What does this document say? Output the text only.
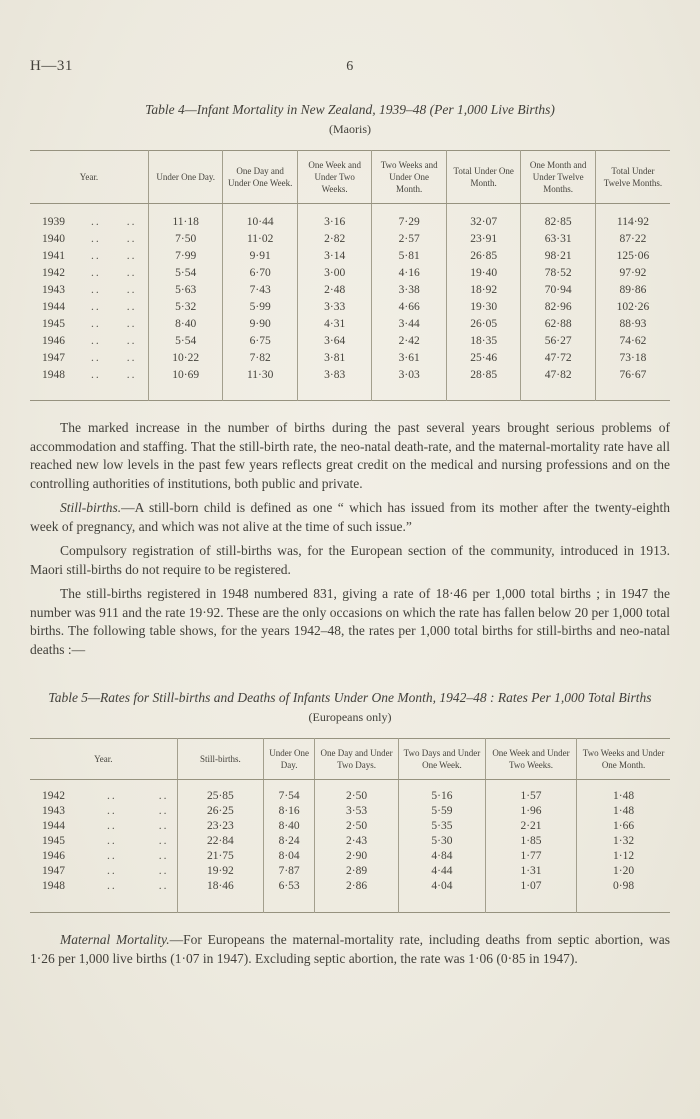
H—31	6
Table 4—Infant Mortality in New Zealand, 1939–48 (Per 1,000 Live Births)
(Maoris)
Year.	Under One Day.	One Day and Under One Week.	One Week and Under Two Weeks.	Two Weeks and Under One Month.	Total Under One Month.	One Month and Under Twelve Months.	Total Under Twelve Months.
1939 .. ..	11·18	10·44	3·16	7·29	32·07	82·85	114·92
1940 .. ..	7·50	11·02	2·82	2·57	23·91	63·31	87·22
1941 .. ..	7·99	9·91	3·14	5·81	26·85	98·21	125·06
1942 .. ..	5·54	6·70	3·00	4·16	19·40	78·52	97·92
1943 .. ..	5·63	7·43	2·48	3·38	18·92	70·94	89·86
1944 .. ..	5·32	5·99	3·33	4·66	19·30	82·96	102·26
1945 .. ..	8·40	9·90	4·31	3·44	26·05	62·88	88·93
1946 .. ..	5·54	6·75	3·64	2·42	18·35	56·27	74·62
1947 .. ..	10·22	7·82	3·81	3·61	25·46	47·72	73·18
1948 .. ..	10·69	11·30	3·83	3·03	28·85	47·82	76·67

The marked increase in the number of births during the past several years brought serious problems of accommodation and staffing. That the still-birth rate, the neo-natal death-rate, and the maternal-mortality rate have all reached new low levels in the past few years reflects great credit on the medical and nursing professions and on the controlling authorities of institutions, both public and private.

Still-births.—A still-born child is defined as one “ which has issued from its mother after the twenty-eighth week of pregnancy, and which was not alive at the time of such issue.”

Compulsory registration of still-births was, for the European section of the community, introduced in 1913. Maori still-births do not require to be registered.

The still-births registered in 1948 numbered 831, giving a rate of 18·46 per 1,000 total births ; in 1947 the number was 911 and the rate 19·92. These are the only occasions on which the rate has fallen below 20 per 1,000 total births. The following table shows, for the years 1942–48, the rates per 1,000 total births for still-births and neo-natal deaths :—

Table 5—Rates for Still-births and Deaths of Infants Under One Month, 1942–48 : Rates Per 1,000 Total Births
(Europeans only)
Year.	Still-births.	Under One Day.	One Day and Under Two Days.	Two Days and Under One Week.	One Week and Under Two Weeks.	Two Weeks and Under One Month.
1942 .. ..	25·85	7·54	2·50	5·16	1·57	1·48
1943 .. ..	26·25	8·16	3·53	5·59	1·96	1·48
1944 .. ..	23·23	8·40	2·50	5·35	2·21	1·66
1945 .. ..	22·84	8·24	2·43	5·30	1·85	1·32
1946 .. ..	21·75	8·04	2·90	4·84	1·77	1·12
1947 .. ..	19·92	7·87	2·89	4·44	1·31	1·20
1948 .. ..	18·46	6·53	2·86	4·04	1·07	0·98

Maternal Mortality.—For Europeans the maternal-mortality rate, including deaths from septic abortion, was 1·26 per 1,000 live births (1·07 in 1947). Excluding septic abortion, the rate was 1·06 (0·85 in 1947).
